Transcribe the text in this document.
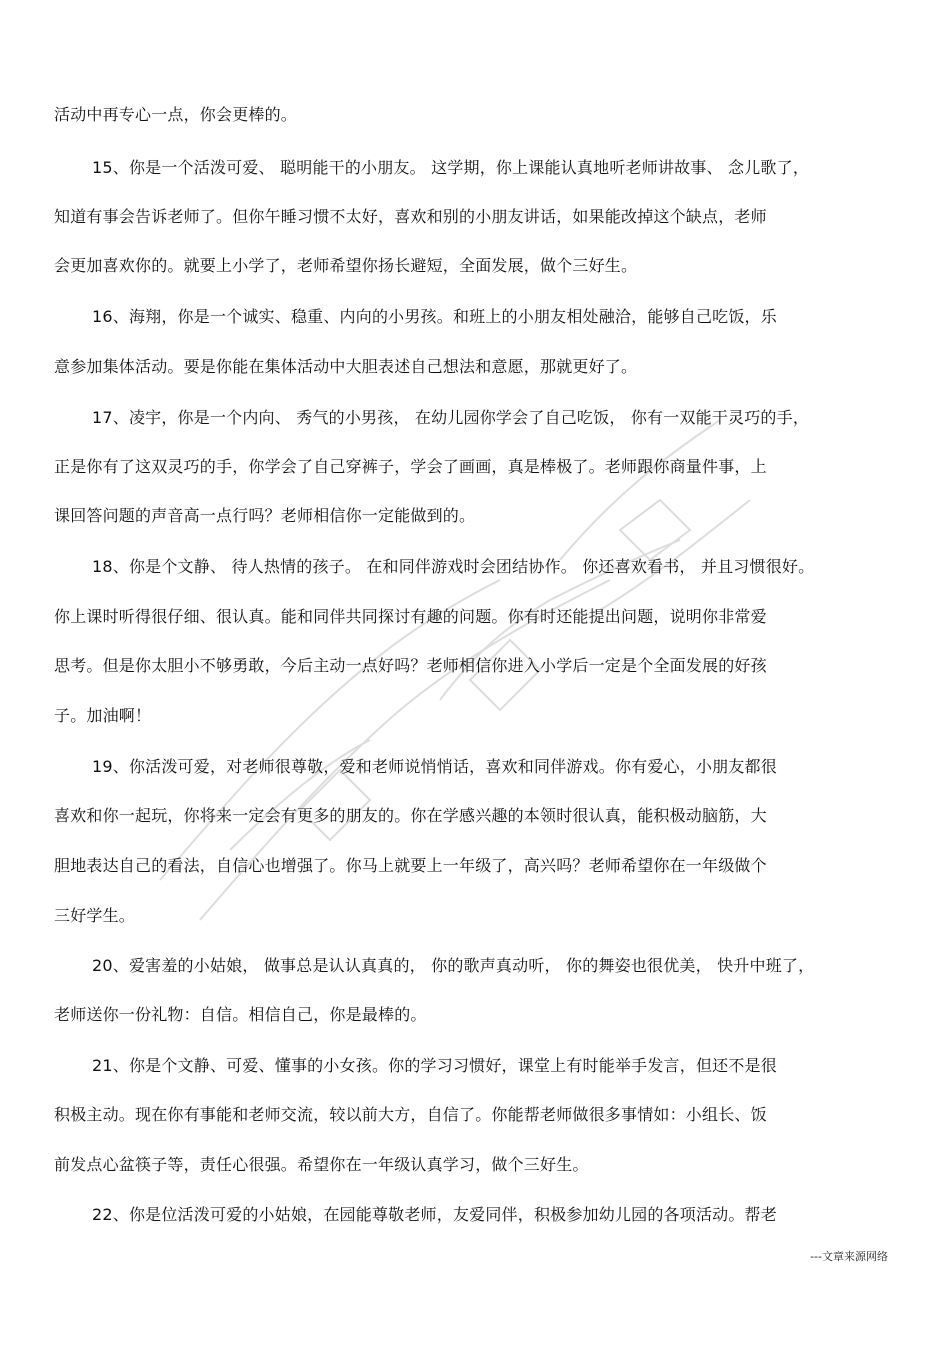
活动中再专心一点，你会更棒的。
15、你是一个活泼可爱、 聪明能干的小朋友。 这学期，你上课能认真地听老师讲故事、 念儿歌了，
知道有事会告诉老师了。但你午睡习惯不太好，喜欢和别的小朋友讲话，如果能改掉这个缺点，老师
会更加喜欢你的。就要上小学了，老师希望你扬长避短，全面发展，做个三好生。
16、海翔，你是一个诚实、稳重、内向的小男孩。和班上的小朋友相处融洽，能够自己吃饭，乐
意参加集体活动。要是你能在集体活动中大胆表述自己想法和意愿，那就更好了。
17、凌宇，你是一个内向、 秀气的小男孩， 在幼儿园你学会了自己吃饭， 你有一双能干灵巧的手，
正是你有了这双灵巧的手，你学会了自己穿裤子，学会了画画，真是棒极了。老师跟你商量件事，上
课回答问题的声音高一点行吗？老师相信你一定能做到的。
18、你是个文静、 待人热情的孩子。 在和同伴游戏时会团结协作。 你还喜欢看书， 并且习惯很好。
你上课时听得很仔细、很认真。能和同伴共同探讨有趣的问题。你有时还能提出问题，说明你非常爱
思考。但是你太胆小不够勇敢，今后主动一点好吗？老师相信你进入小学后一定是个全面发展的好孩
子。加油啊！
19、你活泼可爱，对老师很尊敬，爱和老师说悄悄话，喜欢和同伴游戏。你有爱心，小朋友都很
喜欢和你一起玩，你将来一定会有更多的朋友的。你在学感兴趣的本领时很认真，能积极动脑筋，大
胆地表达自己的看法，自信心也增强了。你马上就要上一年级了，高兴吗？老师希望你在一年级做个
三好学生。
20、爱害羞的小姑娘， 做事总是认认真真的， 你的歌声真动听， 你的舞姿也很优美， 快升中班了，
老师送你一份礼物：自信。相信自己，你是最棒的。
21、你是个文静、可爱、懂事的小女孩。你的学习习惯好，课堂上有时能举手发言，但还不是很
积极主动。现在你有事能和老师交流，较以前大方，自信了。你能帮老师做很多事情如：小组长、饭
前发点心盆筷子等，责任心很强。希望你在一年级认真学习，做个三好生。
22、你是位活泼可爱的小姑娘，在园能尊敬老师，友爱同伴，积极参加幼儿园的各项活动。帮老
---文章来源网络
